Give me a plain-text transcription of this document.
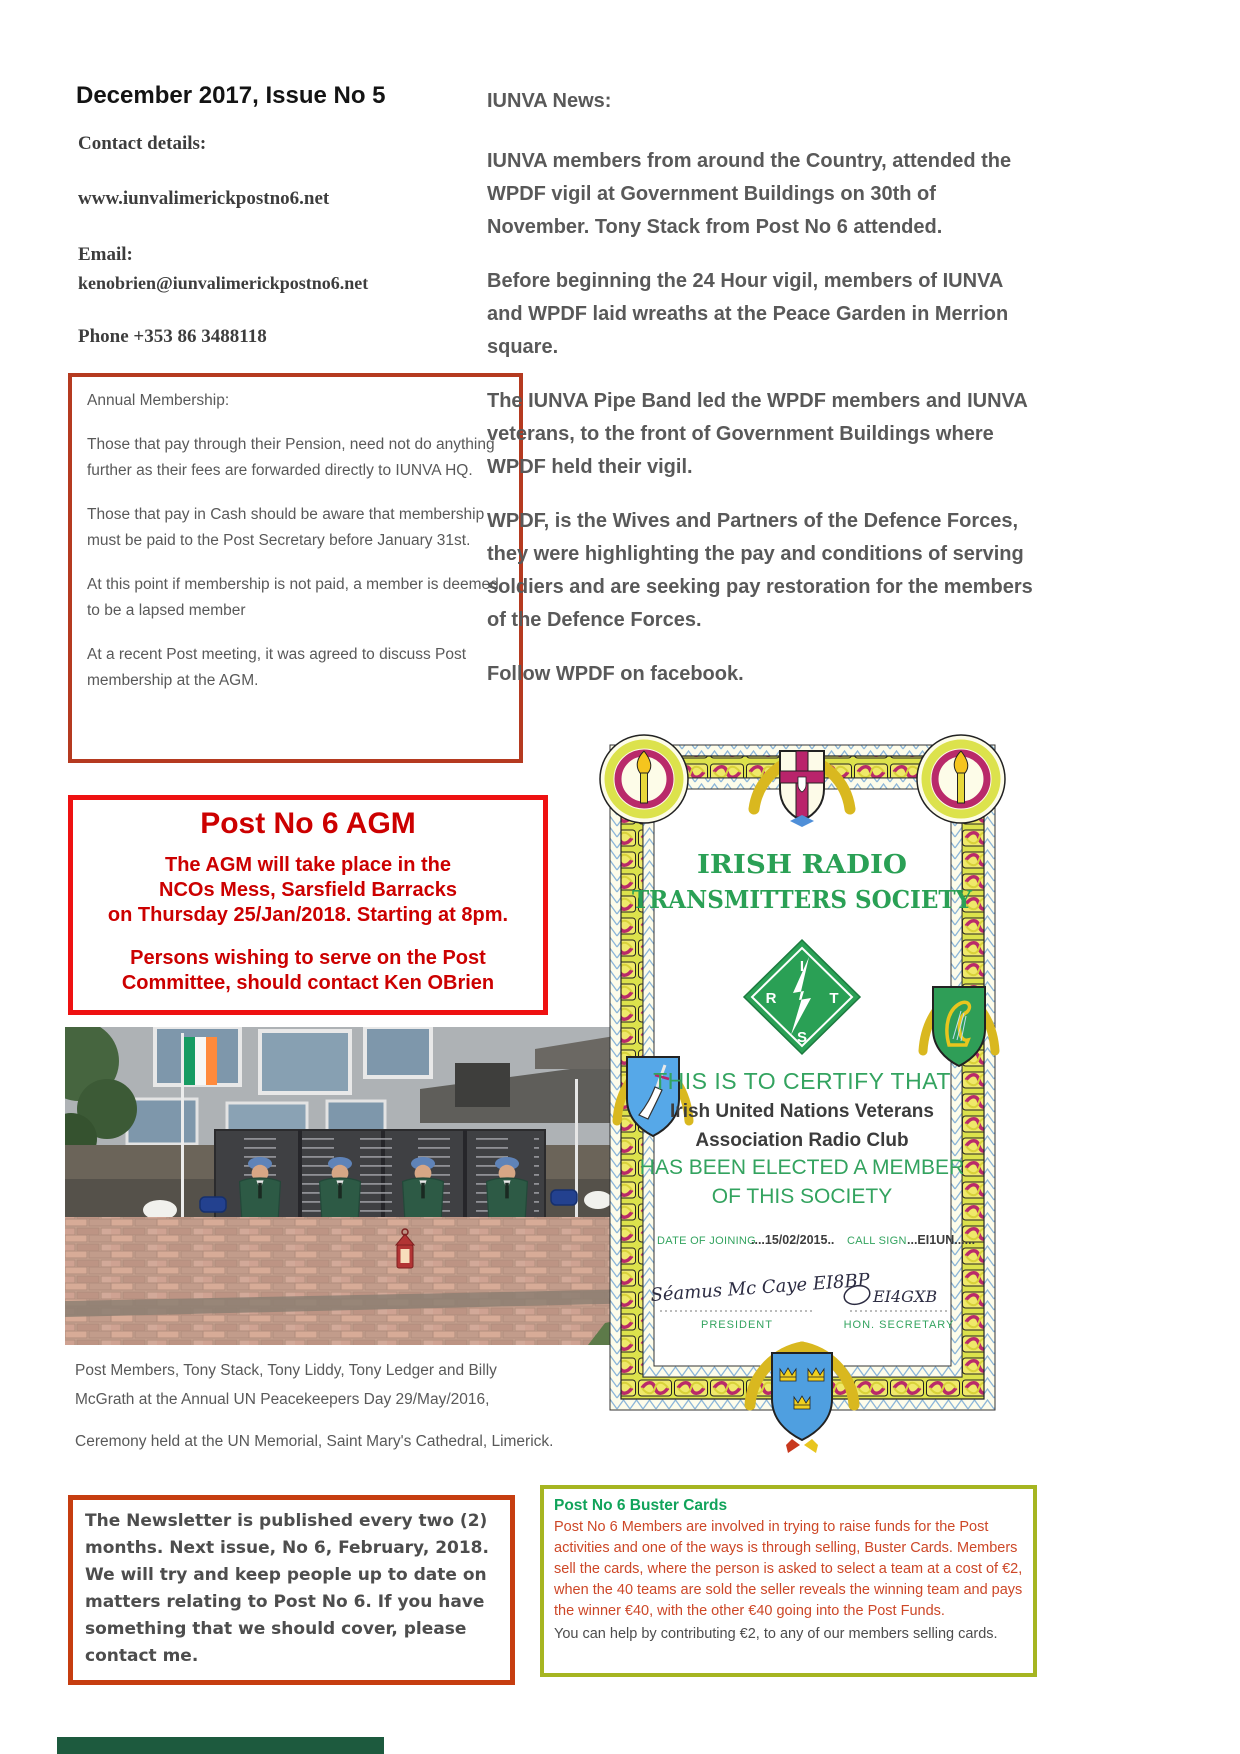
December 2017, Issue No 5
Contact details:
www.iunvalimerickpostno6.net
Email:
kenobrien@iunvalimerickpostno6.net
Phone +353 86 3488118

Annual Membership:

Those that pay through their Pension, need not do anything further as their fees are forwarded directly to IUNVA HQ.

Those that pay in Cash should be aware that membership must be paid to the Post Secretary before January 31st.

At this point if membership is not paid, a member is deemed to be a lapsed member

At a recent Post meeting, it was agreed to discuss Post membership at the AGM.

Post No 6 AGM
The AGM will take place in the
NCOs Mess, Sarsfield Barracks
on Thursday 25/Jan/2018. Starting at 8pm.
Persons wishing to serve on the Post
Committee, should contact Ken OBrien

Post Members, Tony Stack, Tony Liddy, Tony Ledger and Billy McGrath at the Annual UN Peacekeepers Day 29/May/2016,

Ceremony held at the UN Memorial, Saint Mary's Cathedral, Limerick.

The Newsletter is published every two (2) months. Next issue, No 6, February, 2018. We will try and keep people up to date on matters relating to Post No 6. If you have something that we should cover, please contact me.

IUNVA News:

IUNVA members from around the Country, attended the WPDF vigil at Government Buildings on 30th of November. Tony Stack from Post No 6 attended.

Before beginning the 24 Hour vigil, members of IUNVA and WPDF laid wreaths at the Peace Garden in Merrion square.

The IUNVA Pipe Band led the WPDF members and IUNVA veterans, to the front of Government Buildings where WPDF held their vigil.

WPDF, is the Wives and Partners of the Defence Forces, they were highlighting the pay and conditions of serving soldiers and are seeking pay restoration for the members of the Defence Forces.

Follow WPDF on facebook.

IRISH RADIO
TRANSMITTERS SOCIETY
I
R	T
S
THIS IS TO CERTIFY THAT
Irish United Nations Veterans
Association Radio Club
HAS BEEN ELECTED A MEMBER
OF THIS SOCIETY
DATE OF JOINING
....15/02/2015.. CALL SIGN ...EI1UN......
Séamus Mc Caye EI8BP EI4GXB
PRESIDENT	HON. SECRETARY

Post No 6 Buster Cards

Post No 6 Members are involved in trying to raise funds for the Post activities and one of the ways is through selling, Buster Cards. Members sell the cards, where the person is asked to select a team at a cost of €2, when the 40 teams are sold the seller reveals the winning team and pays the winner €40, with the other €40 going into the Post Funds.

You can help by contributing €2, to any of our members selling cards.
